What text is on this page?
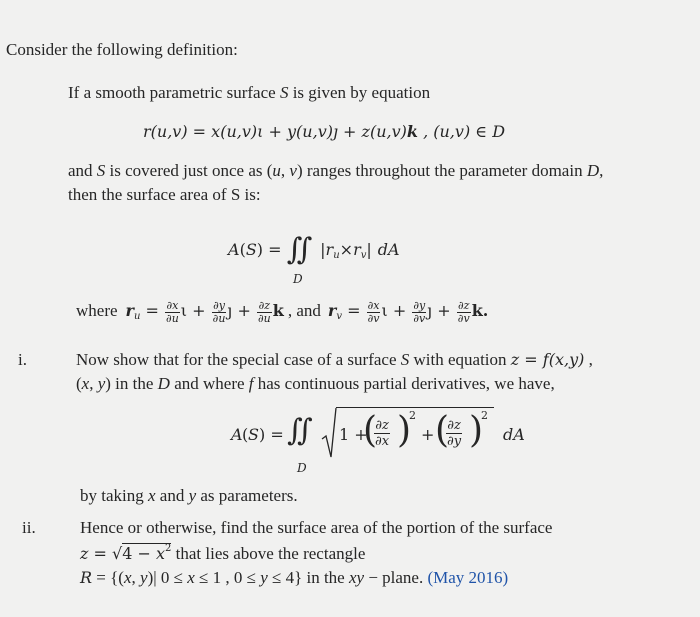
Consider the following definition:
If a smooth parametric surface S is given by equation
r(u,v) = x(u,v)ι + y(u,v)ȷ + z(u,v)k , (u,v) ∈ D
and S is covered just once as (u, v) ranges throughout the parameter domain D,
then the surface area of S is:
A(S) = ∬ $|r_u\times r_v|$ dA
D
where $r_u = \frac{\partial x}{\partial u}$ $\iota + \frac{\partial y}{\partial u}$ ȷ + $\frac{\partial z}{\partial u}$ k , and $r_v = \frac{\partial x}{\partial v}$ $\iota + \frac{\partial y}{\partial v}$ ȷ + $\frac{\partial z}{\partial v} k$.
i.	Now show that for the special case of a surface S with equation z = f(x,y) ,
(x, y) in the D and where f has continuous partial derivatives, we have,
A ( S ) = ∬ 1 +
(
$\frac{\partial z}{\partial x}$ )
2
+ (
$\frac{\partial z}{\partial y}$ )
2
dA
D
by taking x and y as parameters.
ii.	Hence or otherwise, find the surface area of the portion of the surface
$z = √4 - x^2$ that lies above the rectangle
R = {(x, y)| 0 ≤ x ≤ 1 , 0 ≤ y ≤ 4} in the xy − plane. (May 2016)
